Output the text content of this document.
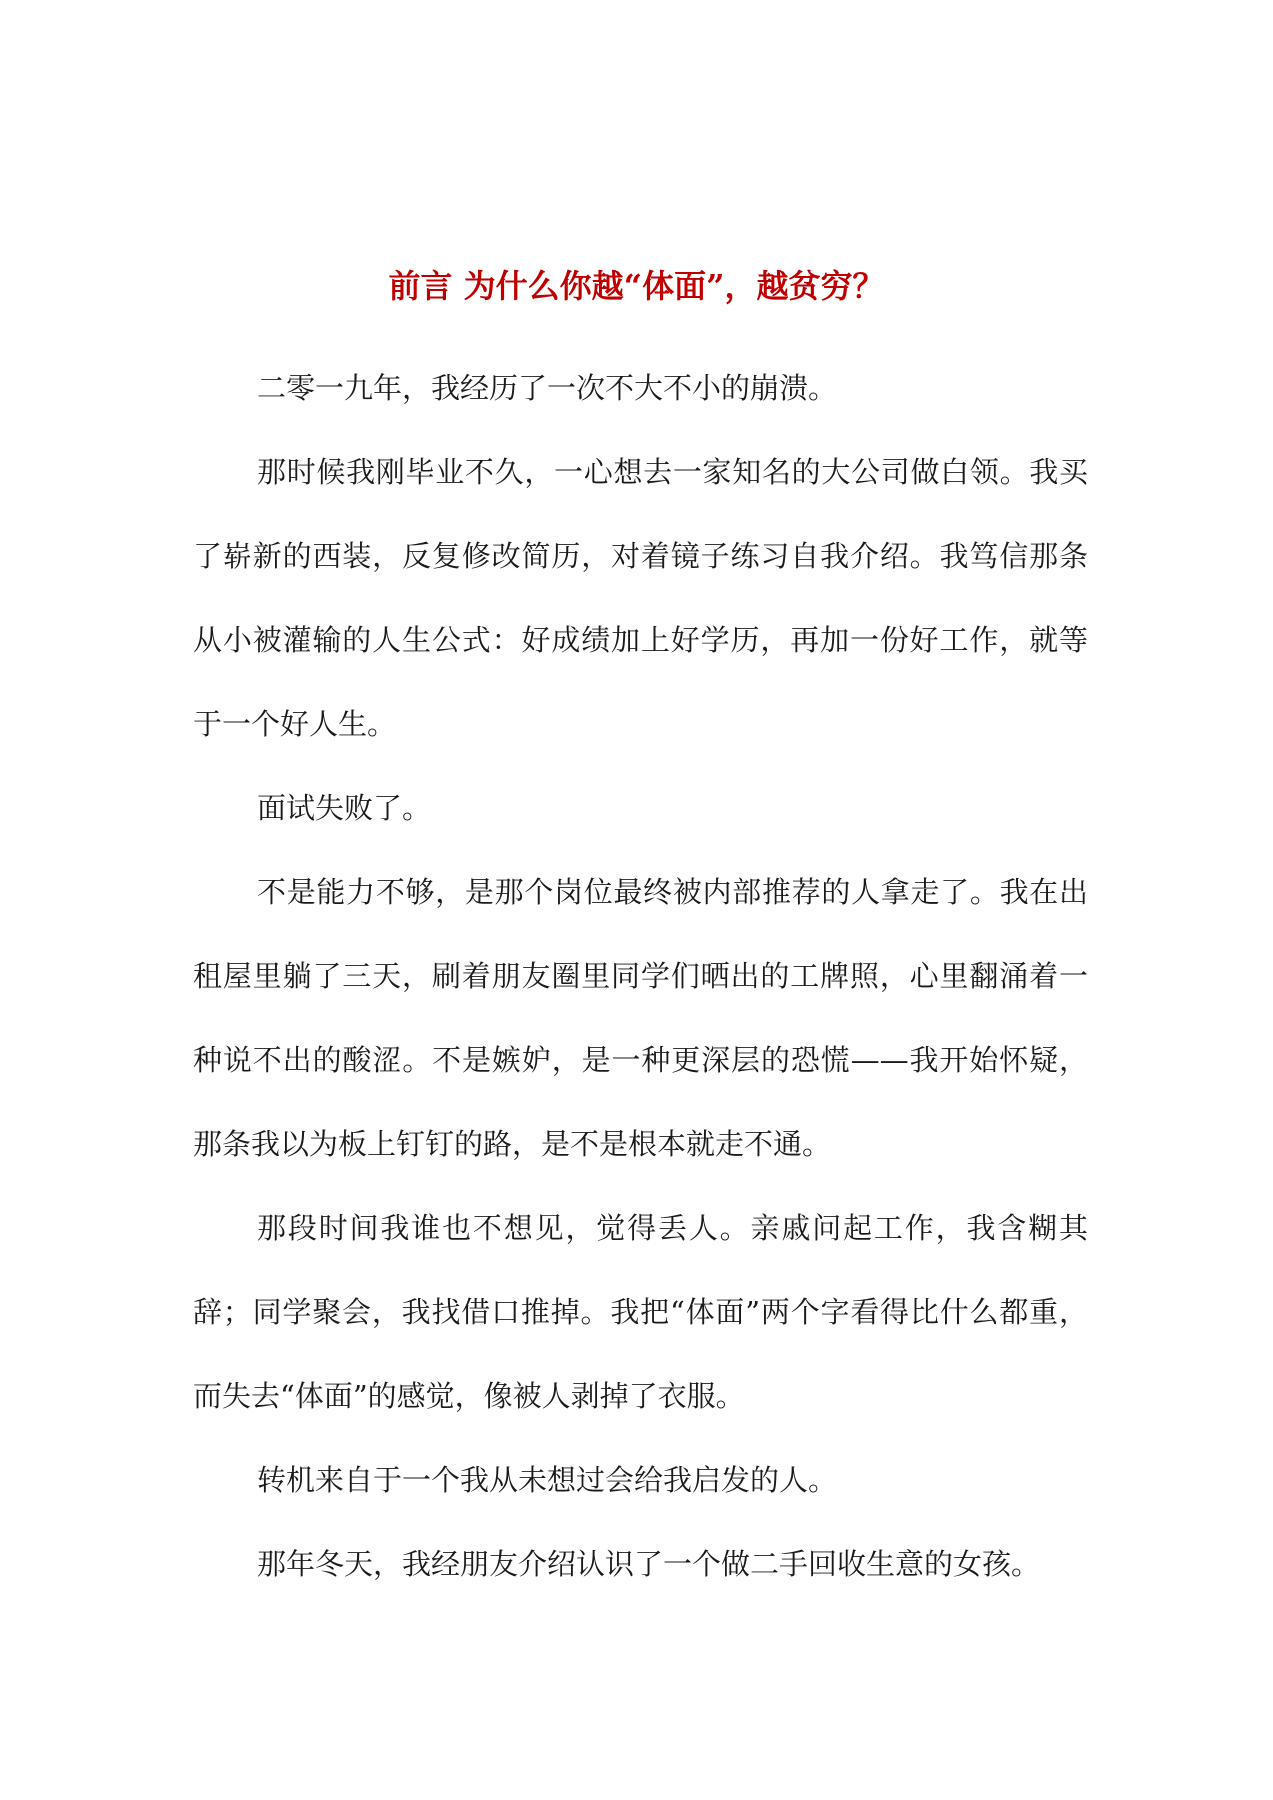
前言 为什么你越“体面”，越贫穷？

二零一九年，我经历了一次不大不小的崩溃。

那时候我刚毕业不久，一心想去一家知名的大公司做白领。我买了崭新的西装，反复修改简历，对着镜子练习自我介绍。我笃信那条从小被灌输的人生公式：好成绩加上好学历，再加一份好工作，就等于一个好人生。

面试失败了。

不是能力不够，是那个岗位最终被内部推荐的人拿走了。我在出租屋里躺了三天，刷着朋友圈里同学们晒出的工牌照，心里翻涌着一种说不出的酸涩。不是嫉妒，是一种更深层的恐慌——我开始怀疑，那条我以为板上钉钉的路，是不是根本就走不通。

那段时间我谁也不想见，觉得丢人。亲戚问起工作，我含糊其辞；同学聚会，我找借口推掉。我把“体面”两个字看得比什么都重，而失去“体面”的感觉，像被人剥掉了衣服。

转机来自于一个我从未想过会给我启发的人。

那年冬天，我经朋友介绍认识了一个做二手回收生意的女孩。
